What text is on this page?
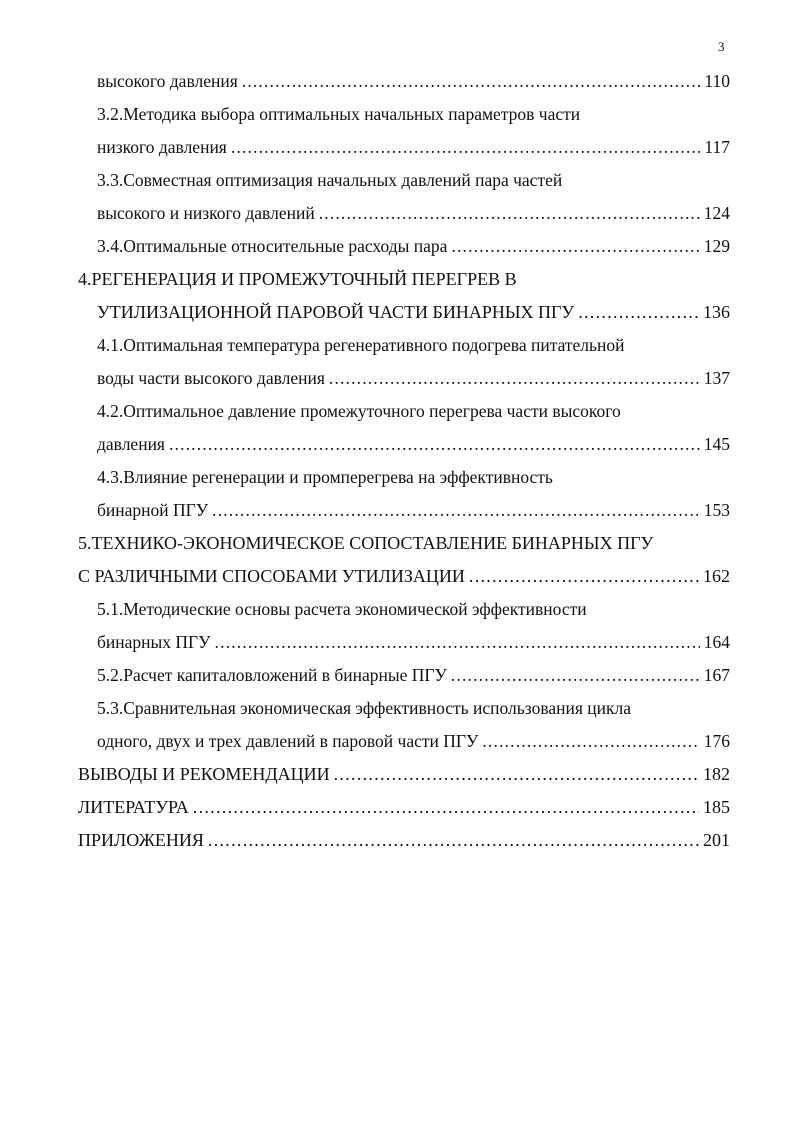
3
высокого давления . . .	110
3.2.Методика выбора оптимальных начальных параметров части
низкого давления . . .	117
3.3.Совместная оптимизация начальных давлений пара частей
высокого и низкого давлений . . .	124
3.4.Оптимальные относительные расходы пара . . .	129
4.РЕГЕНЕРАЦИЯ И ПРОМЕЖУТОЧНЫЙ ПЕРЕГРЕВ В
УТИЛИЗАЦИОННОЙ ПАРОВОЙ ЧАСТИ БИНАРНЫХ ПГУ . . .	136
4.1.Оптимальная температура регенеративного подогрева питательной
воды части высокого давления . . .	137
4.2.Оптимальное давление промежуточного перегрева части высокого
давления . . .	145
4.3.Влияние регенерации и промперегрева на эффективность
бинарной ПГУ . . .	153
5.ТЕХНИКО-ЭКОНОМИЧЕСКОЕ СОПОСТАВЛЕНИЕ БИНАРНЫХ ПГУ
С РАЗЛИЧНЫМИ СПОСОБАМИ УТИЛИЗАЦИИ . . .	162
5.1.Методические основы расчета экономической эффективности
бинарных ПГУ . . .	164
5.2.Расчет капиталовложений в бинарные ПГУ . . .	167
5.3.Сравнительная экономическая эффективность использования цикла
одного, двух и трех давлений в паровой части ПГУ . . .	176
ВЫВОДЫ И РЕКОМЕНДАЦИИ . . .	182
ЛИТЕРАТУРА . . .	185
ПРИЛОЖЕНИЯ . . .	201
